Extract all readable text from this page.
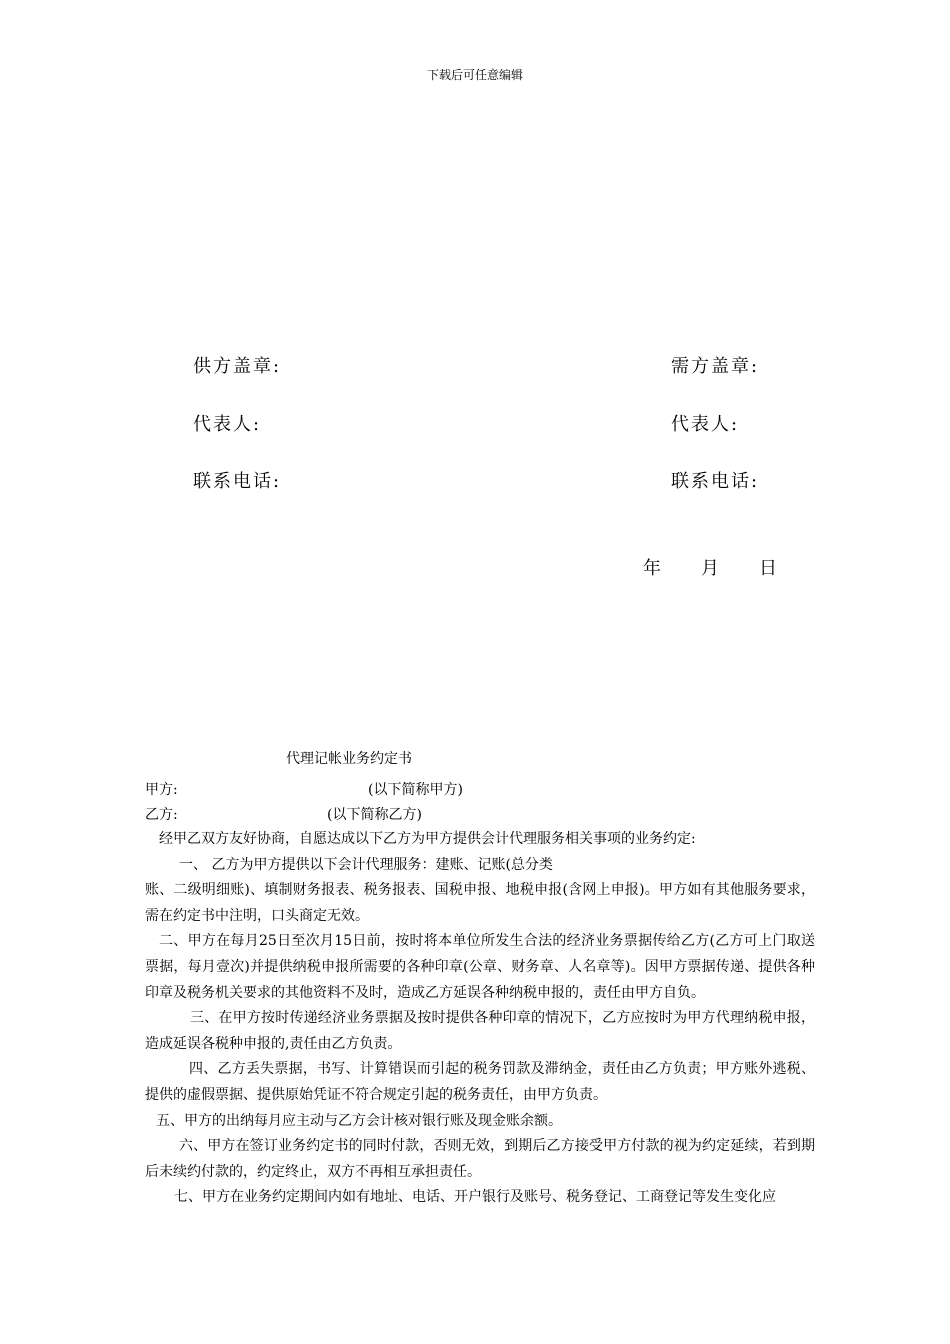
下载后可任意编辑
供方盖章:	需方盖章:
代表人:	代表人:
联系电话:	联系电话:
年 月 日
代理记帐业务约定书
甲方:	(以下简称甲方)
乙方:	(以下简称乙方)

经甲乙双方友好协商，自愿达成以下乙方为甲方提供会计代理服务相关事项的业务约定:

一、 乙方为甲方提供以下会计代理服务：建账、记账(总分类

账、二级明细账)、填制财务报表、税务报表、国税申报、地税申报(含网上申报)。甲方如有其他服务要求，需在约定书中注明，口头商定无效。

二、甲方在每月25日至次月15日前，按时将本单位所发生合法的经济业务票据传给乙方(乙方可上门取送票据，每月壹次)并提供纳税申报所需要的各种印章(公章、财务章、人名章等)。因甲方票据传递、提供各种印章及税务机关要求的其他资料不及时，造成乙方延误各种纳税申报的，责任由甲方自负。

三、在甲方按时传递经济业务票据及按时提供各种印章的情况下，乙方应按时为甲方代理纳税申报，造成延误各税种申报的,责任由乙方负责。

四、乙方丢失票据，书写、计算错误而引起的税务罚款及滞纳金，责任由乙方负责；甲方账外逃税、提供的虚假票据、提供原始凭证不符合规定引起的税务责任，由甲方负责。

五、甲方的出纳每月应主动与乙方会计核对银行账及现金账余额。

六、甲方在签订业务约定书的同时付款，否则无效，到期后乙方接受甲方付款的视为约定延续，若到期后未续约付款的，约定终止，双方不再相互承担责任。

七、甲方在业务约定期间内如有地址、电话、开户银行及账号、税务登记、工商登记等发生变化应
